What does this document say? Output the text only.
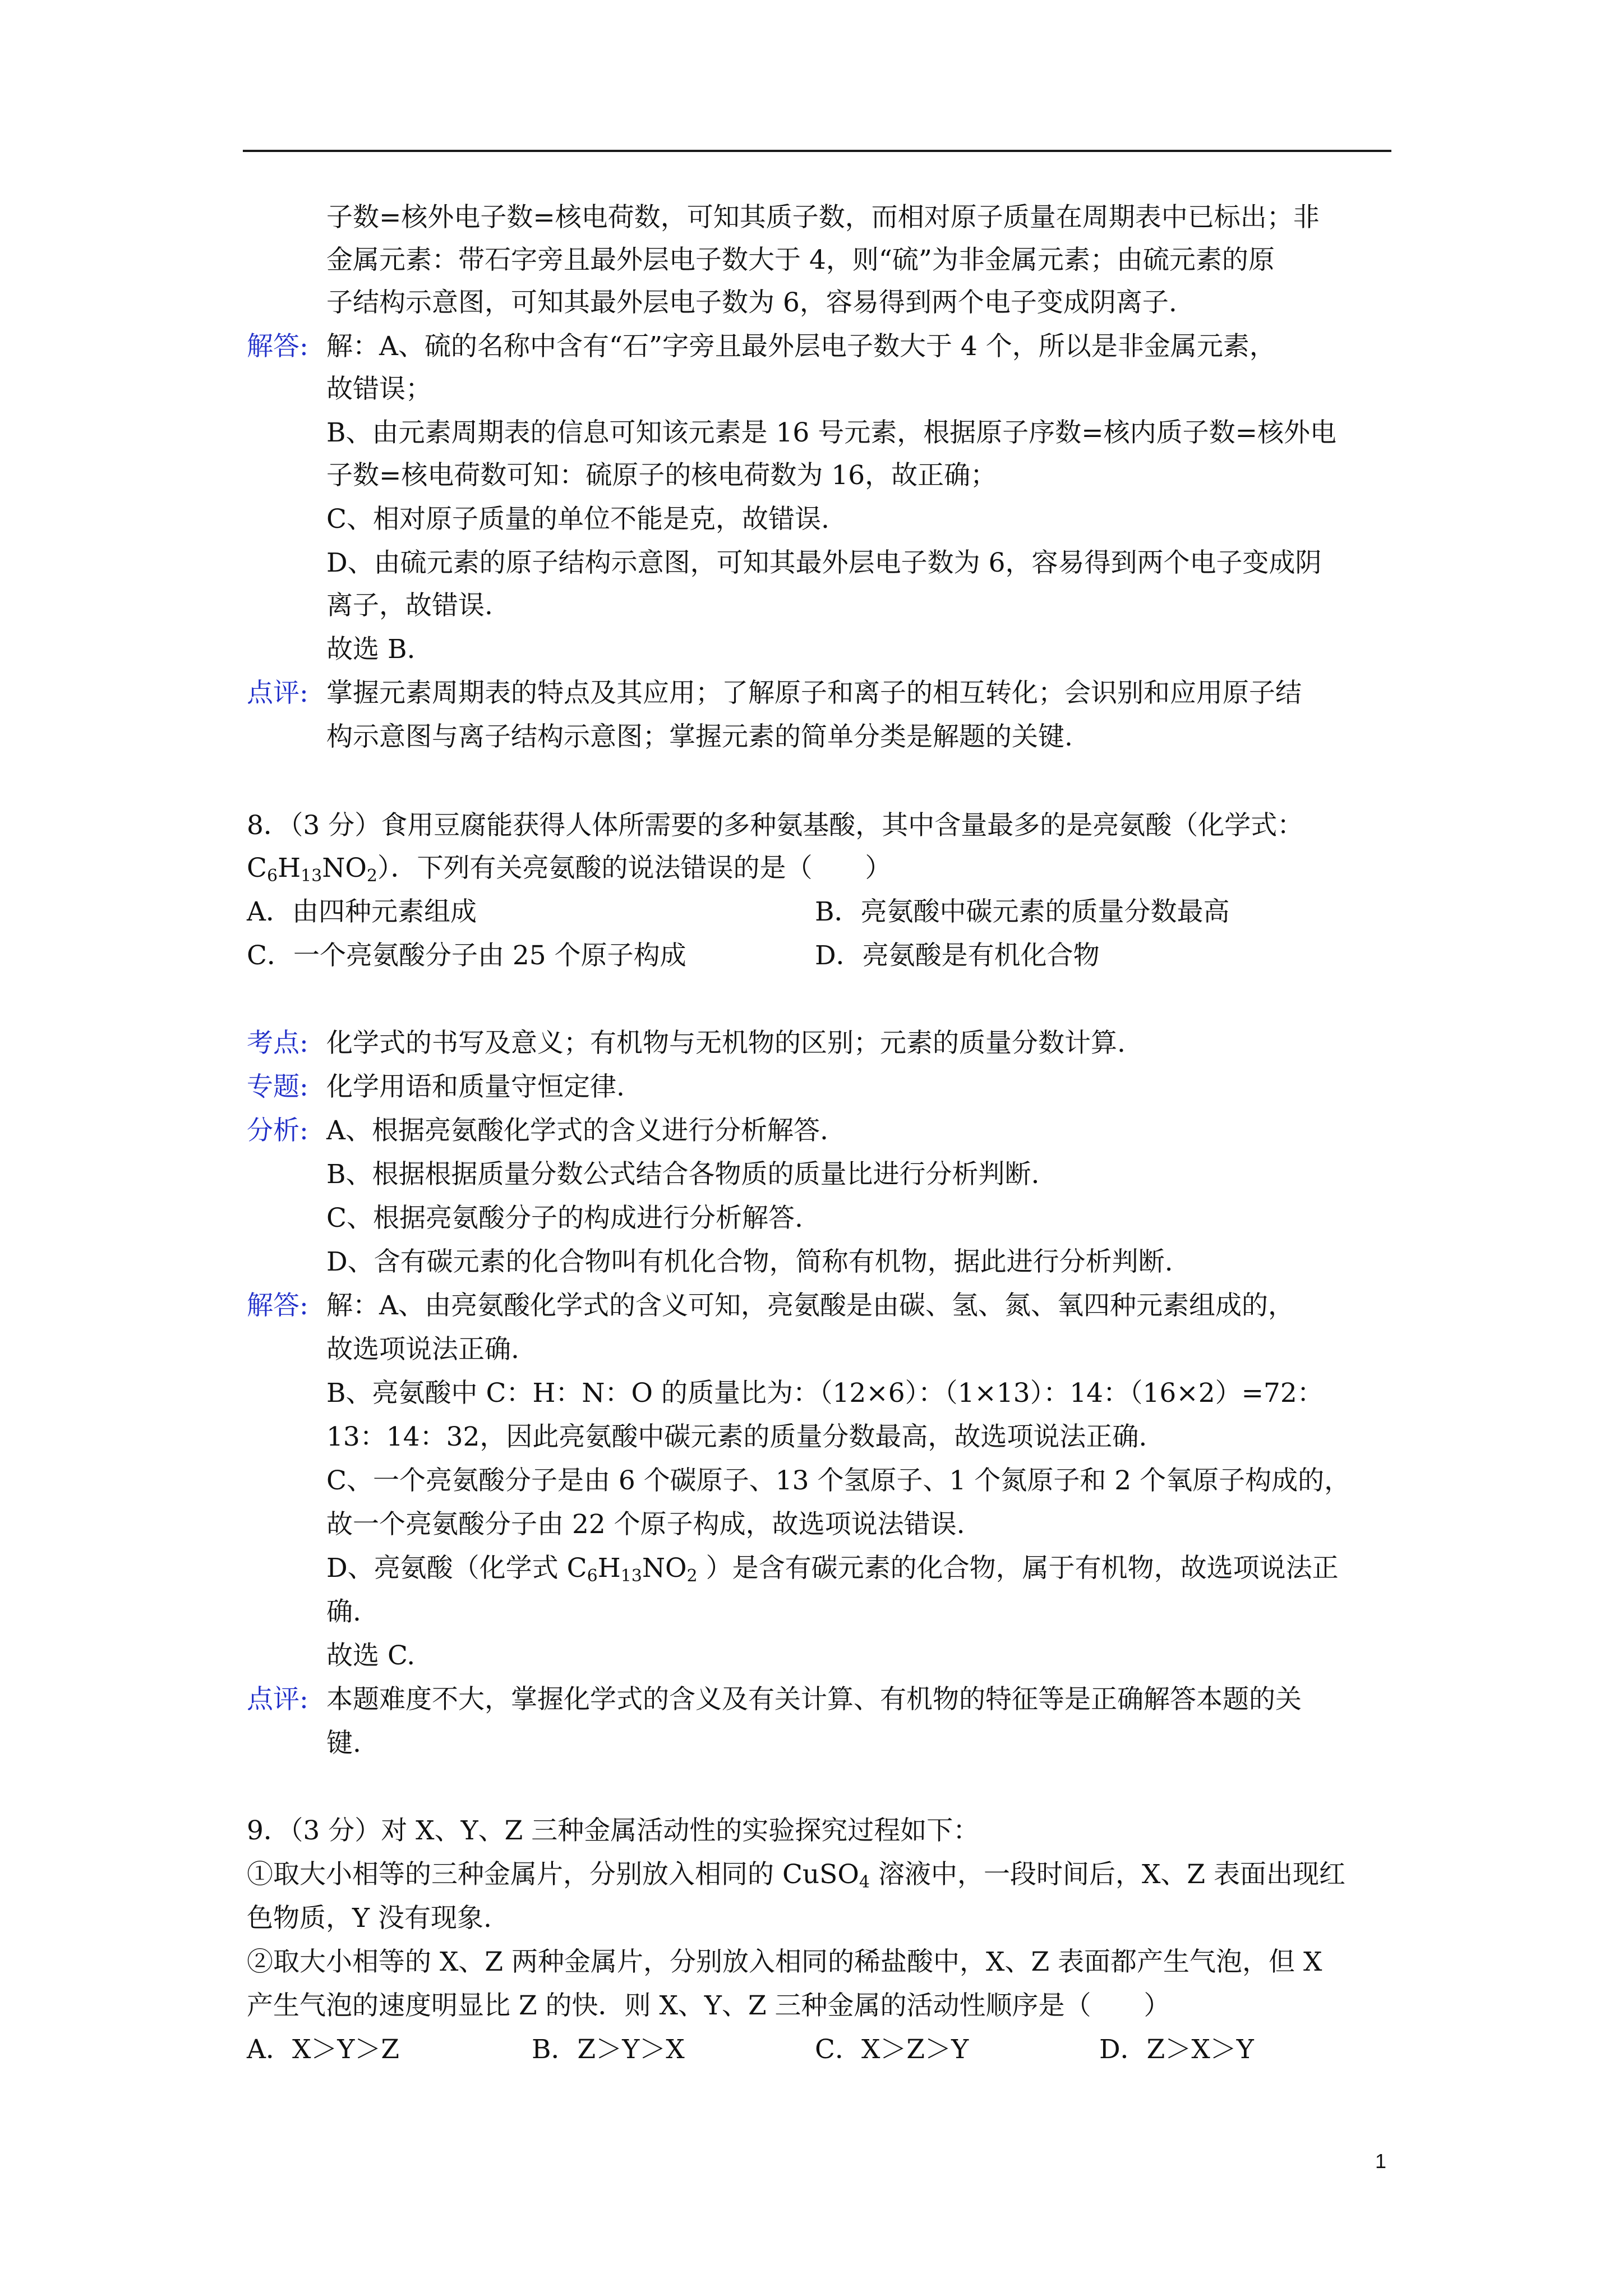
子数=核外电子数=核电荷数，可知其质子数，而相对原子质量在周期表中已标出；非
金属元素：带石字旁且最外层电子数大于 4，则“硫”为非金属元素；由硫元素的原
子结构示意图，可知其最外层电子数为 6，容易得到两个电子变成阴离子.
解答: 解：A、硫的名称中含有“石”字旁且最外层电子数大于 4 个，所以是非金属元素，
故错误；
B、由元素周期表的信息可知该元素是 16 号元素，根据原子序数=核内质子数=核外电
子数=核电荷数可知：硫原子的核电荷数为 16，故正确；
C、相对原子质量的单位不能是克，故错误.
D、由硫元素的原子结构示意图，可知其最外层电子数为 6，容易得到两个电子变成阴
离子，故错误.
故选 B.
点评: 掌握元素周期表的特点及其应用；了解原子和离子的相互转化；会识别和应用原子结
构示意图与离子结构示意图；掌握元素的简单分类是解题的关键.
8．（3 分）食用豆腐能获得人体所需要的多种氨基酸，其中含量最多的是亮氨酸（化学式：
$C_6H_{13}NO_2$）．下列有关亮氨酸的说法错误的是（　　）
A．由四种元素组成	B．亮氨酸中碳元素的质量分数最高
C．一个亮氨酸分子由 25 个原子构成	D．亮氨酸是有机化合物
考点: 化学式的书写及意义；有机物与无机物的区别；元素的质量分数计算.
专题: 化学用语和质量守恒定律.
分析: A、根据亮氨酸化学式的含义进行分析解答.
B、根据根据质量分数公式结合各物质的质量比进行分析判断.
C、根据亮氨酸分子的构成进行分析解答.
D、含有碳元素的化合物叫有机化合物，简称有机物，据此进行分析判断.
解答: 解：A、由亮氨酸化学式的含义可知，亮氨酸是由碳、氢、氮、氧四种元素组成的，
故选项说法正确.
B、亮氨酸中 C：H：N：O 的质量比为：（12×6）：（1×13）：14：（16×2）=72：
13：14：32，因此亮氨酸中碳元素的质量分数最高，故选项说法正确.
C、一个亮氨酸分子是由 6 个碳原子、13 个氢原子、1 个氮原子和 2 个氧原子构成的，
故一个亮氨酸分子由 22 个原子构成，故选项说法错误.
D、亮氨酸（化学式 $C_6H_{13}NO_2$ ）是含有碳元素的化合物，属于有机物，故选项说法正
确.
故选 C.
点评: 本题难度不大，掌握化学式的含义及有关计算、有机物的特征等是正确解答本题的关
键.
9．（3 分）对 X、Y、Z 三种金属活动性的实验探究过程如下：
①取大小相等的三种金属片，分别放入相同的 CuSO$_4$ 溶液中，一段时间后，X、Z 表面出现红
色物质，Y 没有现象.
②取大小相等的 X、Z 两种金属片，分别放入相同的稀盐酸中，X、Z 表面都产生气泡，但 X
产生气泡的速度明显比 Z 的快．则 X、Y、Z 三种金属的活动性顺序是（　　）
A．X＞Y＞Z	B．Z＞Y＞X	C．X＞Z＞Y	D．Z＞X＞Y
1
